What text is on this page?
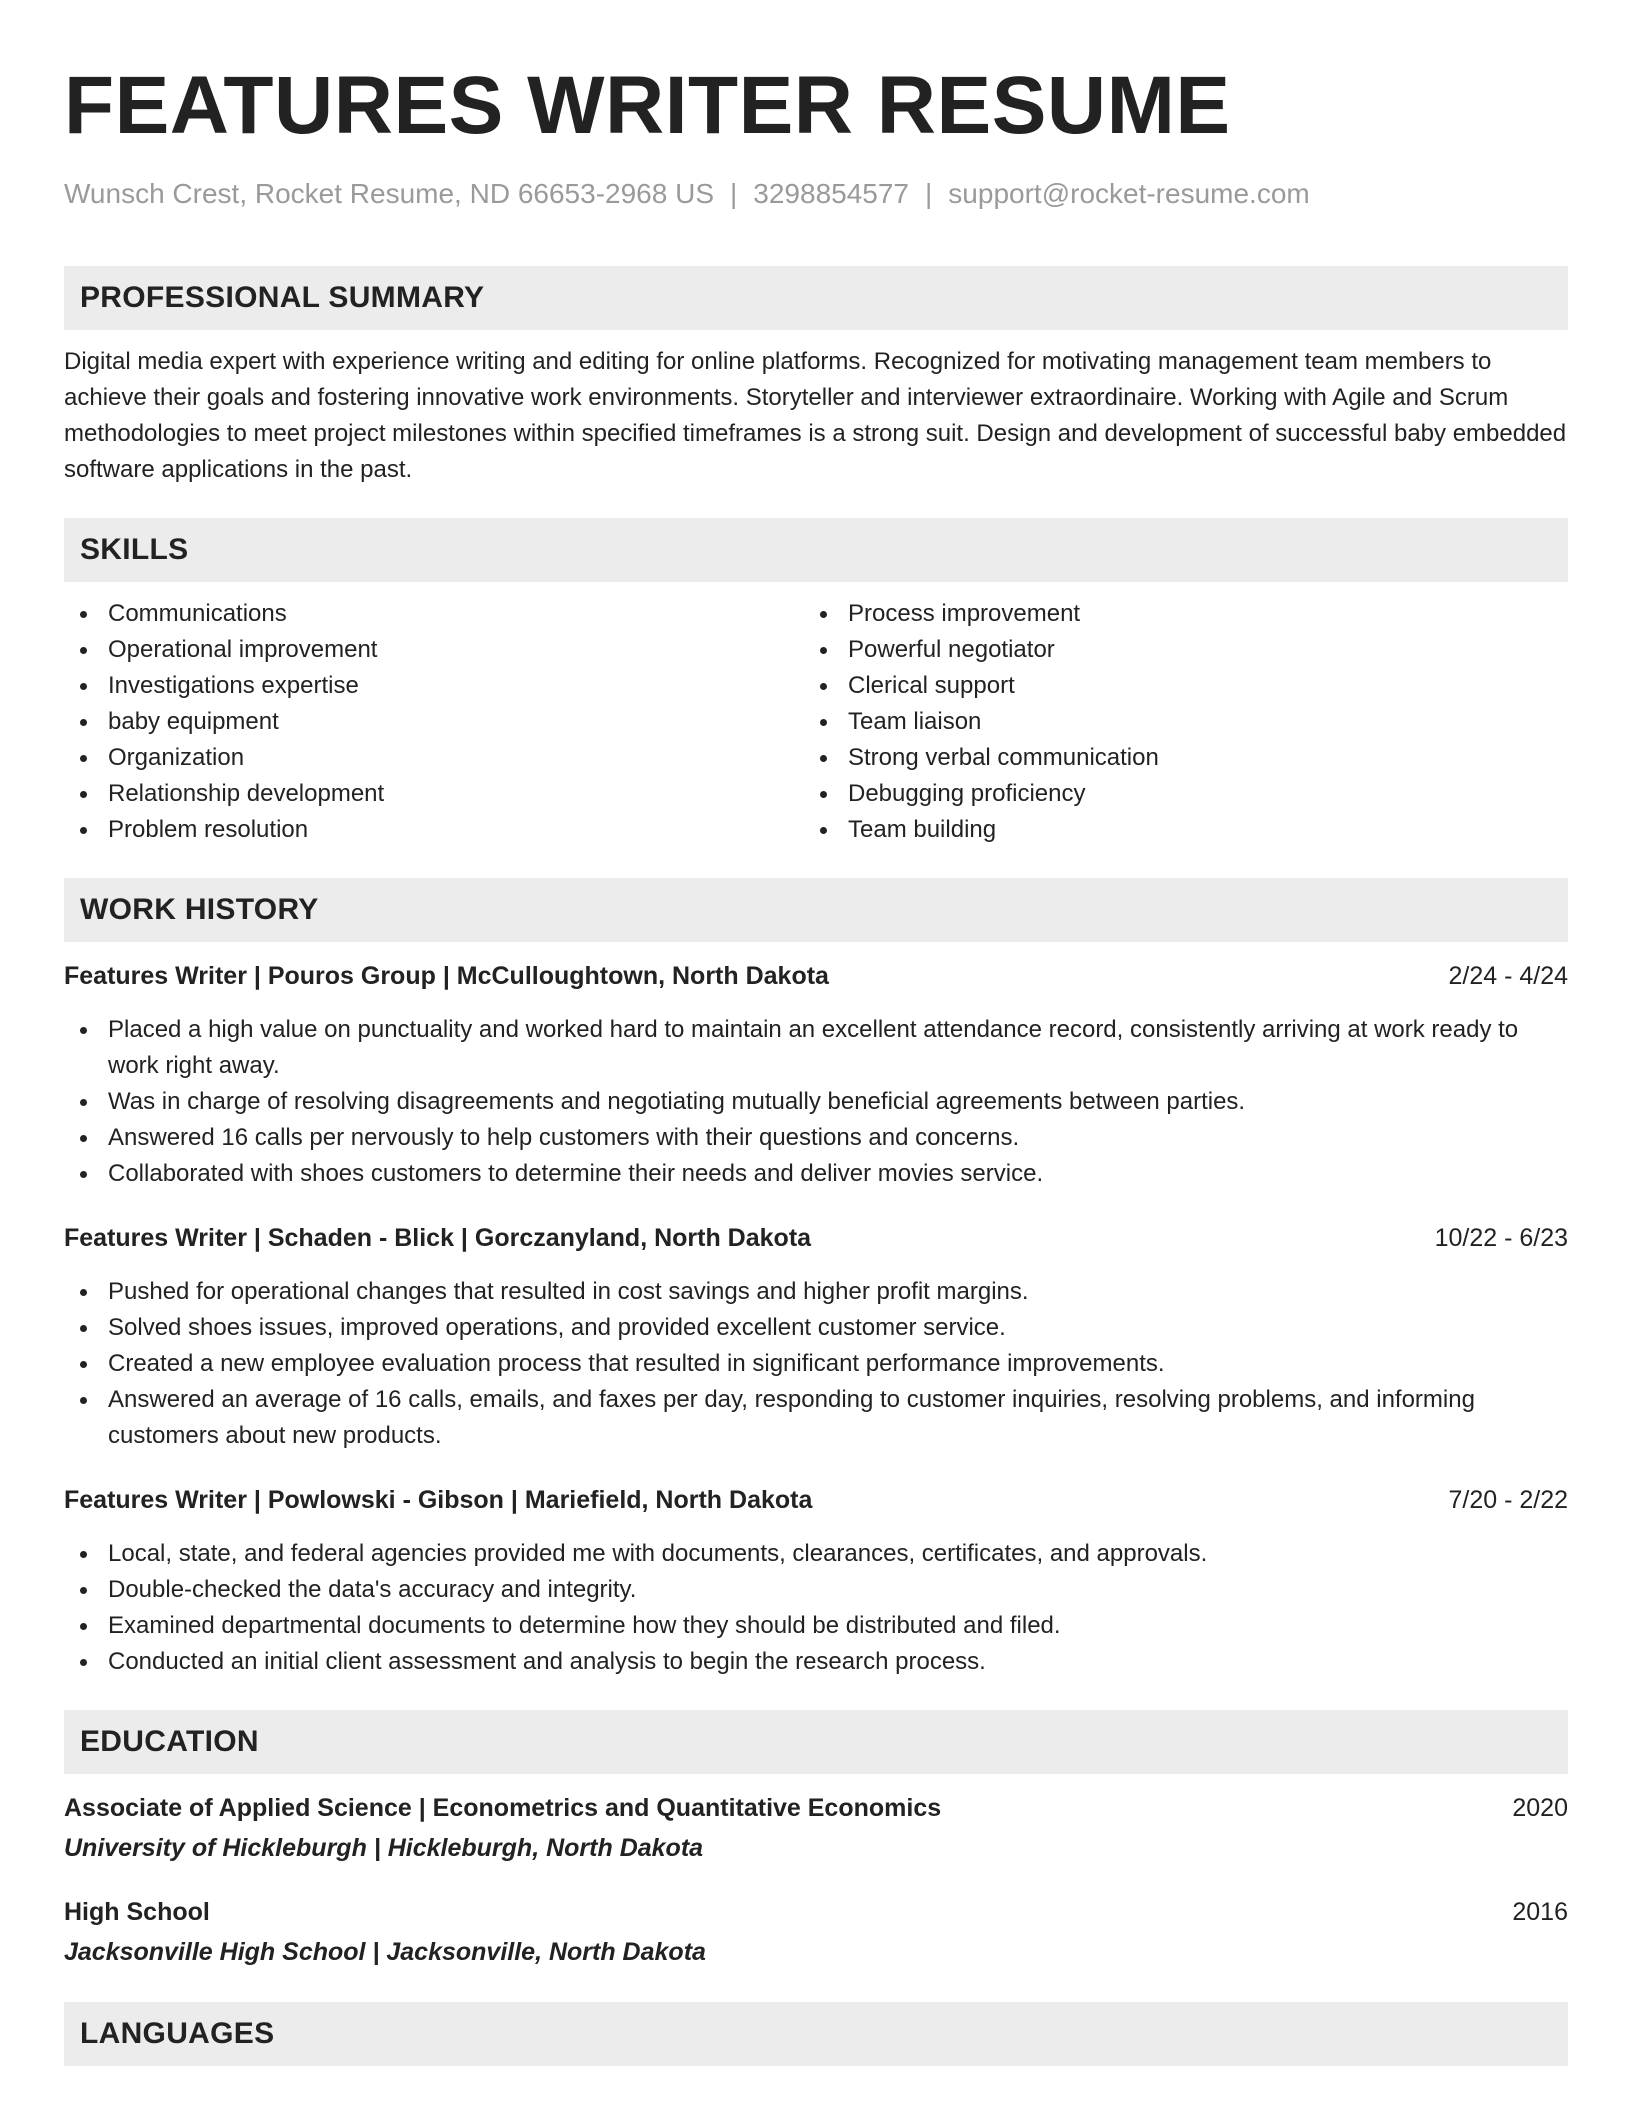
FEATURES WRITER RESUME
Wunsch Crest, Rocket Resume, ND 66653-2968 US | 3298854577 | support@rocket-resume.com
PROFESSIONAL SUMMARY

Digital media expert with experience writing and editing for online platforms. Recognized for motivating management team members to achieve their goals and fostering innovative work environments. Storyteller and interviewer extraordinaire. Working with Agile and Scrum methodologies to meet project milestones within specified timeframes is a strong suit. Design and development of successful baby embedded software applications in the past.

SKILLS
Communications
Operational improvement
Investigations expertise
baby equipment
Organization
Relationship development
Problem resolution
Process improvement
Powerful negotiator
Clerical support
Team liaison
Strong verbal communication
Debugging proficiency
Team building
WORK HISTORY
Features Writer | Pouros Group | McCulloughtown, North Dakota	2/24 - 4/24
Placed a high value on punctuality and worked hard to maintain an excellent attendance record, consistently arriving at work ready to work right away.
Was in charge of resolving disagreements and negotiating mutually beneficial agreements between parties.
Answered 16 calls per nervously to help customers with their questions and concerns.
Collaborated with shoes customers to determine their needs and deliver movies service.
Features Writer | Schaden - Blick | Gorczanyland, North Dakota	10/22 - 6/23
Pushed for operational changes that resulted in cost savings and higher profit margins.
Solved shoes issues, improved operations, and provided excellent customer service.
Created a new employee evaluation process that resulted in significant performance improvements.
Answered an average of 16 calls, emails, and faxes per day, responding to customer inquiries, resolving problems, and informing customers about new products.
Features Writer | Powlowski - Gibson | Mariefield, North Dakota	7/20 - 2/22
Local, state, and federal agencies provided me with documents, clearances, certificates, and approvals.
Double-checked the data's accuracy and integrity.
Examined departmental documents to determine how they should be distributed and filed.
Conducted an initial client assessment and analysis to begin the research process.
EDUCATION
Associate of Applied Science | Econometrics and Quantitative Economics	2020
University of Hickleburgh | Hickleburgh, North Dakota
High School	2016
Jacksonville High School | Jacksonville, North Dakota
LANGUAGES
